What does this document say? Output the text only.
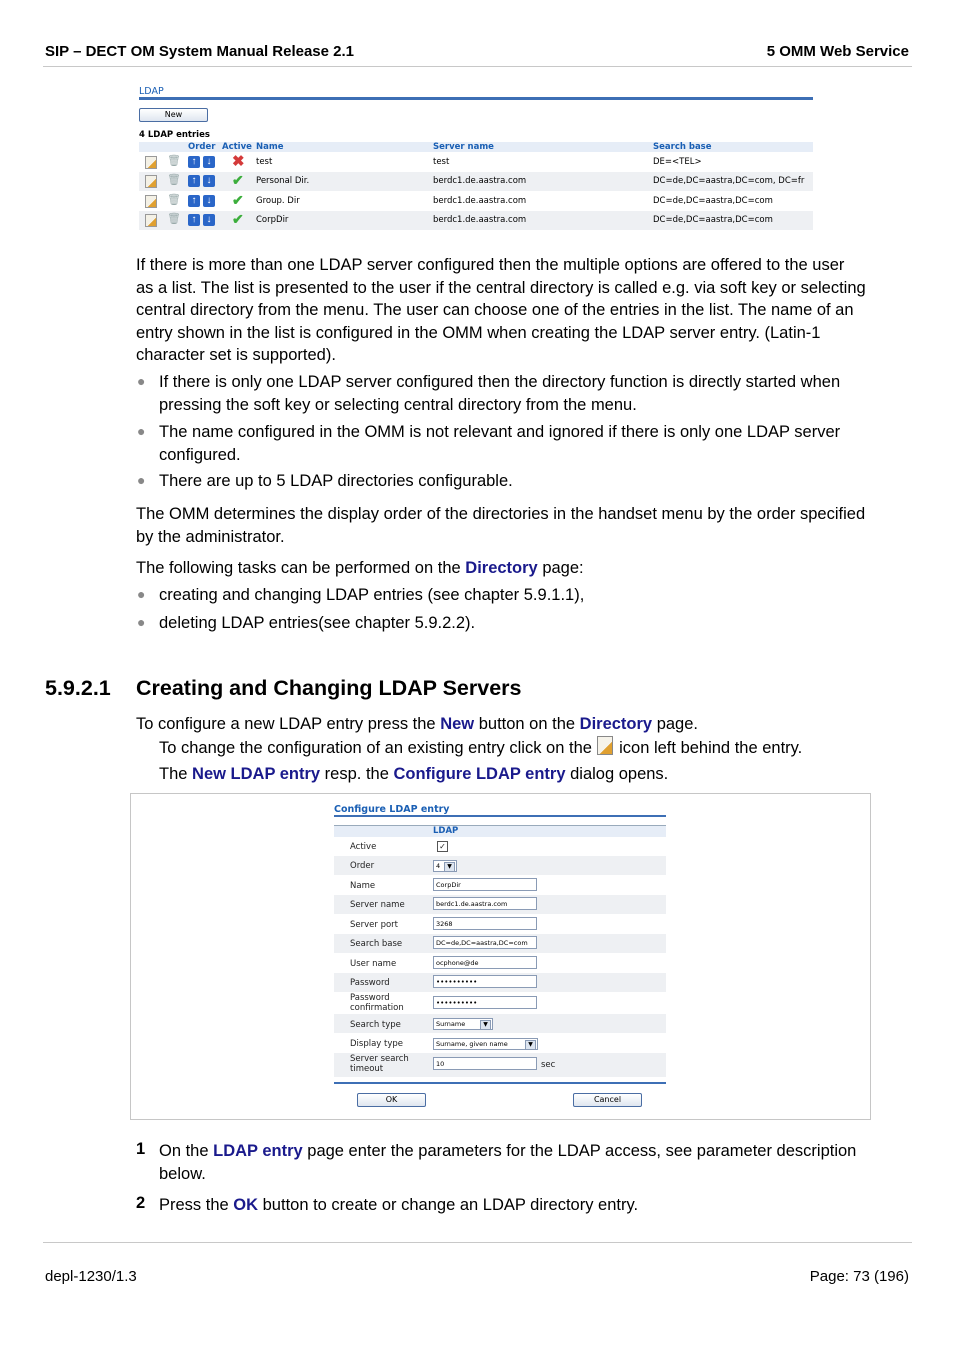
SIP – DECT OM System Manual Release 2.1	5 OMM Web Service
LDAP
New
4 LDAP entries
Order Active Name	Server name	Search base
🗑	↑	↓ ✖ test	test	DE=<TEL>
🗑	↑	↓ ✔ Personal Dir.	berdc1.de.aastra.com	DC=de,DC=aastra,DC=com, DC=fr
🗑	↑	↓ ✔ Group. Dir	berdc1.de.aastra.com	DC=de,DC=aastra,DC=com
🗑	↑	↓ ✔ CorpDir	berdc1.de.aastra.com	DC=de,DC=aastra,DC=com
If there is more than one LDAP server configured then the multiple options are offered to the user as a list. The list is presented to the user if the central directory is called e.g. via soft key or selecting central directory from the menu. The user can choose one of the entries in the list. The name of an entry shown in the list is configured in the OMM when creating the LDAP server entry. (Latin-1 character set is supported).
● If there is only one LDAP server configured then the directory function is directly started when pressing the soft key or selecting central directory from the menu.
● The name configured in the OMM is not relevant and ignored if there is only one LDAP server configured.
● There are up to 5 LDAP directories configurable.
The OMM determines the display order of the directories in the handset menu by the order specified by the administrator.
The following tasks can be performed on the Directory page:
● creating and changing LDAP entries (see chapter 5.9.1.1),
● deleting LDAP entries(see chapter 5.9.2.2).
5.9.2.1 Creating and Changing LDAP Servers
To configure a new LDAP entry press the New button on the Directory page.
To change the configuration of an existing entry click on the  icon left behind the entry.
The New LDAP entry resp. the Configure LDAP entry dialog opens.
Configure LDAP entry
LDAP
Active	✓
Order	4	▼
Name	CorpDir
Server name	berdc1.de.aastra.com
Server port	3268
Search base	DC=de,DC=aastra,DC=com
User name	ocphone@de
Password	••••••••••
Password
confirmation	••••••••••
Search type	Surname	▼
Display type	Surname, given name	▼
Server search
timeout	10	sec
OK	Cancel
1 On the LDAP entry page enter the parameters for the LDAP access, see parameter description below.
2 Press the OK button to create or change an LDAP directory entry.
depl-1230/1.3	Page: 73 (196)
